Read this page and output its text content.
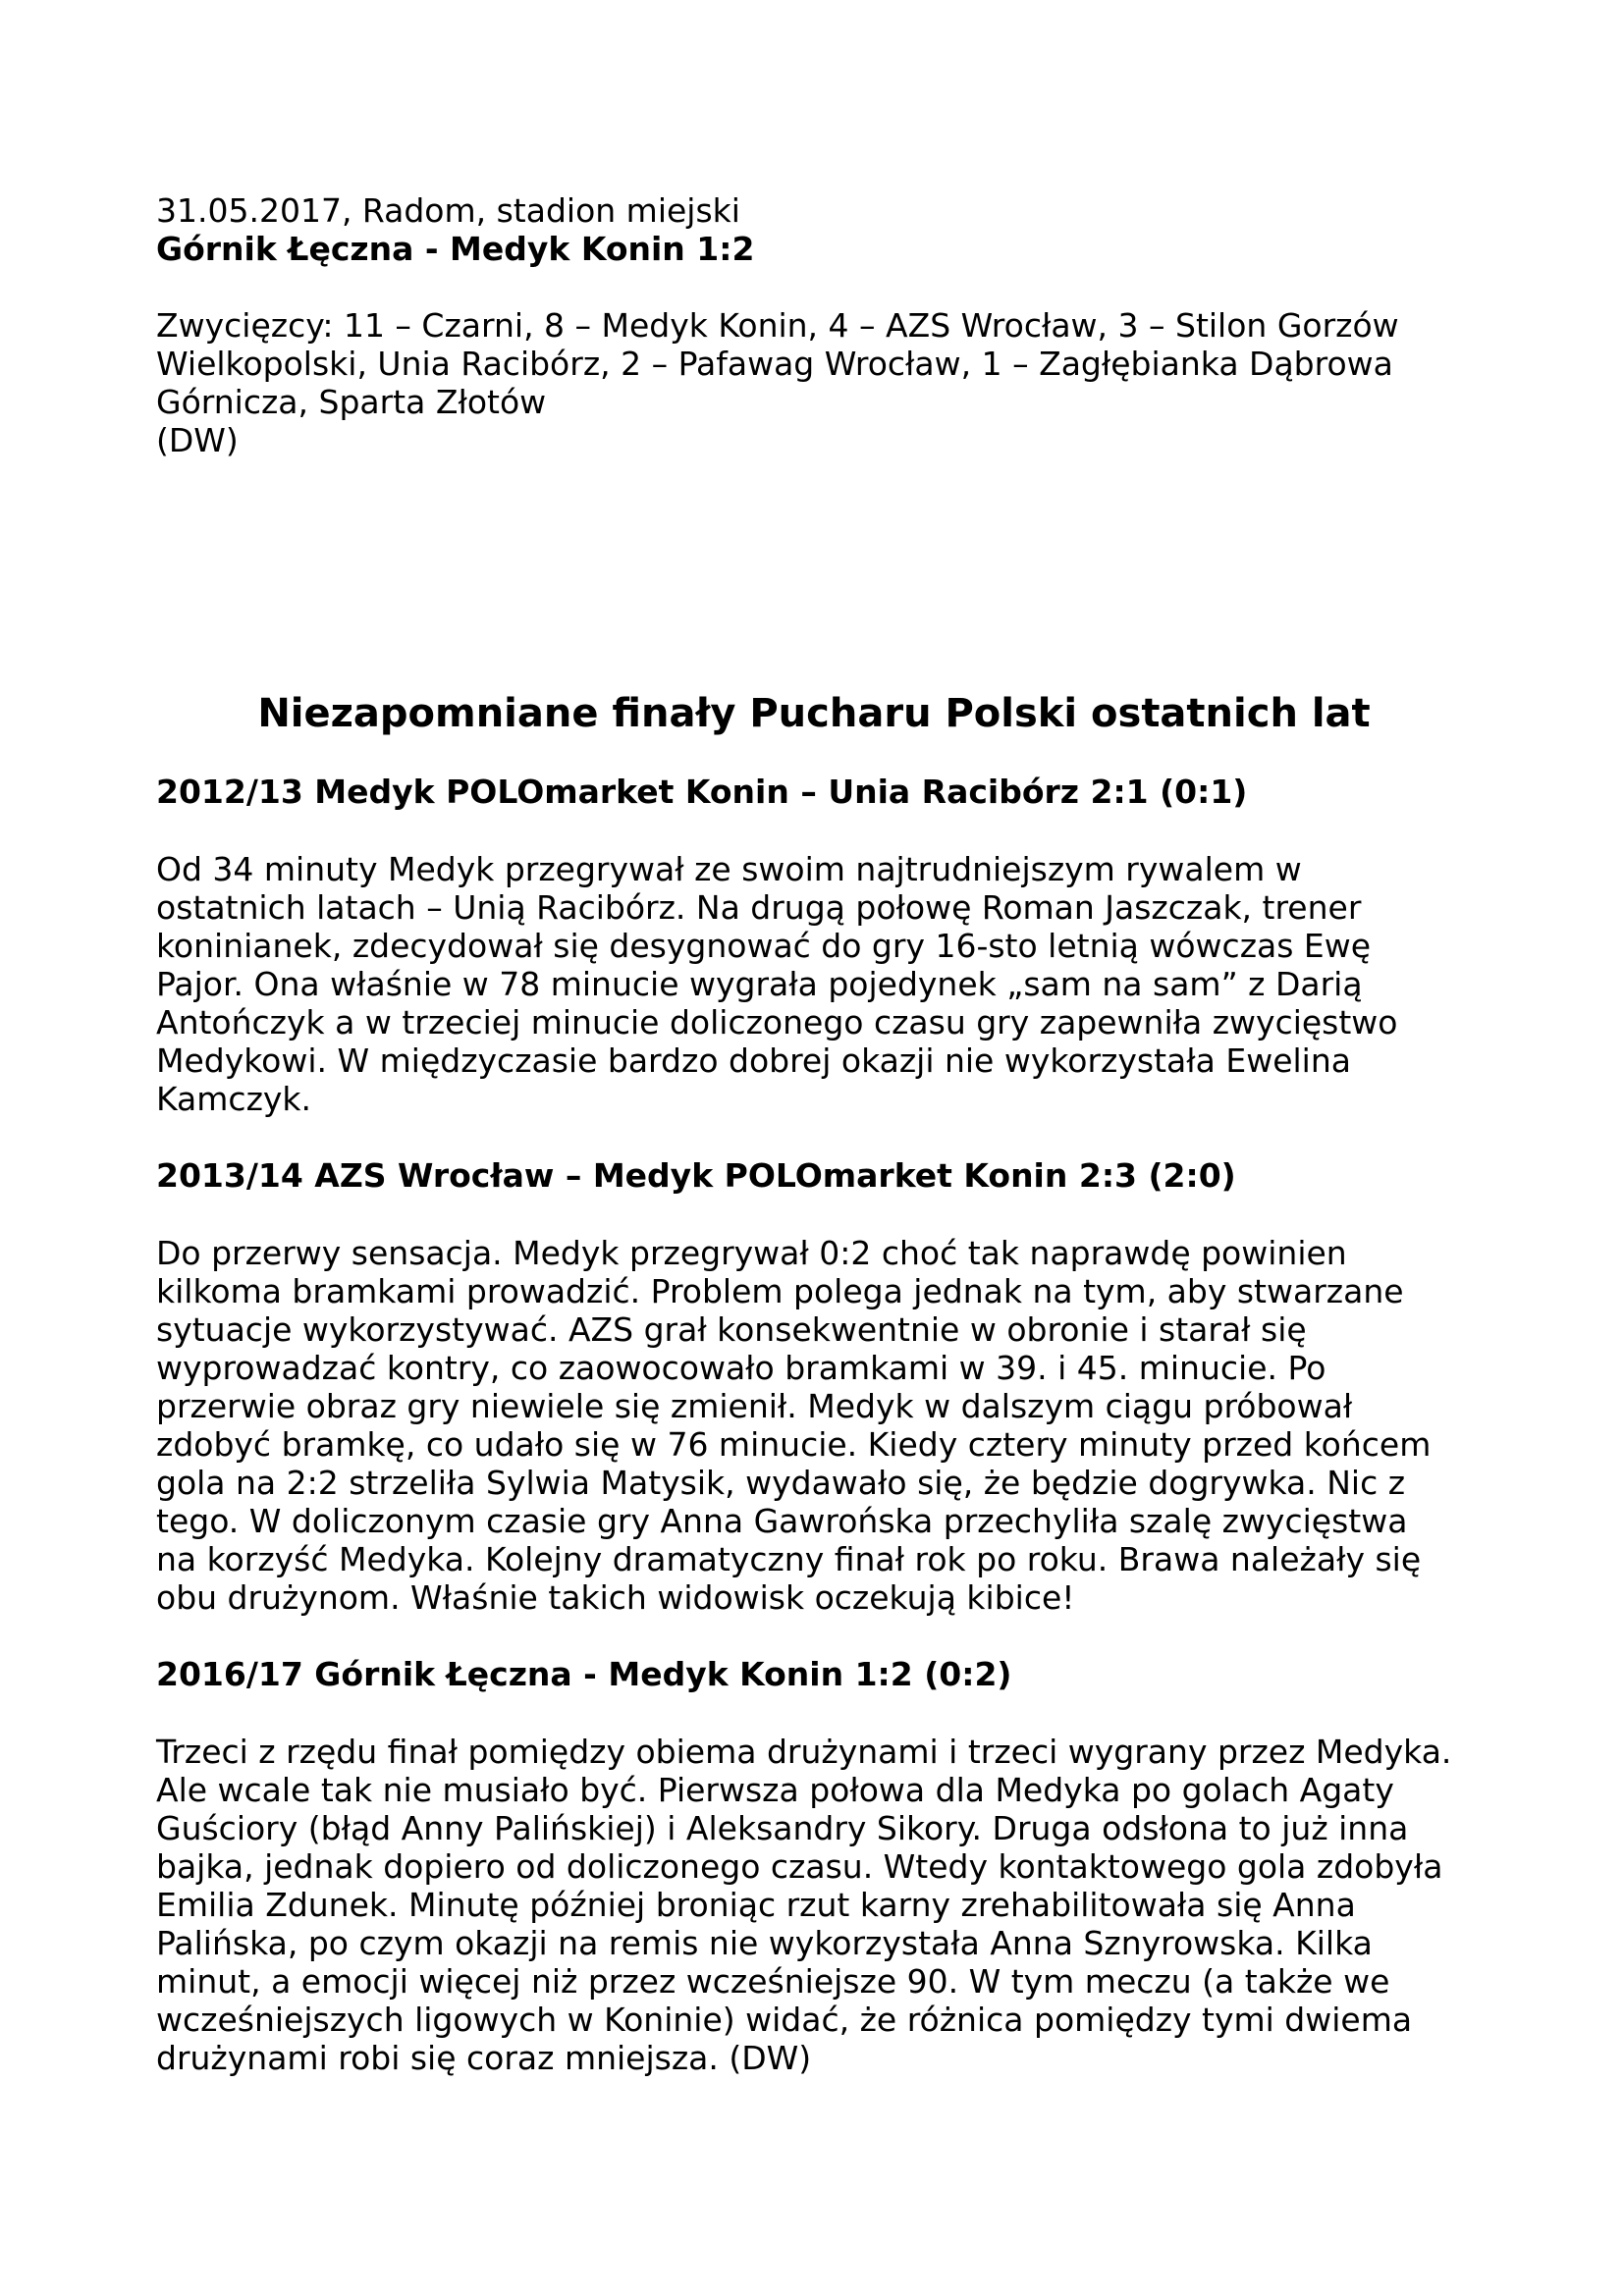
31.05.2017, Radom, stadion miejski

Górnik Łęczna - Medyk Konin 1:2

Zwycięzcy: 11 – Czarni, 8 – Medyk Konin, 4 – AZS Wrocław, 3 – Stilon Gorzów

Wielkopolski, Unia Racibórz, 2 – Pafawag Wrocław, 1 – Zagłębianka Dąbrowa

Górnicza, Sparta Złotów

(DW)

Niezapomniane finały Pucharu Polski ostatnich lat

2012/13 Medyk POLOmarket Konin – Unia Racibórz 2:1 (0:1)

Od 34 minuty Medyk przegrywał ze swoim najtrudniejszym rywalem w

ostatnich latach – Unią Racibórz. Na drugą połowę Roman Jaszczak, trener

koninianek, zdecydował się desygnować do gry 16-sto letnią wówczas Ewę

Pajor. Ona właśnie w 78 minucie wygrała pojedynek „sam na sam” z Darią

Antończyk a w trzeciej minucie doliczonego czasu gry zapewniła zwycięstwo

Medykowi. W międzyczasie bardzo dobrej okazji nie wykorzystała Ewelina

Kamczyk.

2013/14 AZS Wrocław – Medyk POLOmarket Konin 2:3 (2:0)

Do przerwy sensacja. Medyk przegrywał 0:2 choć tak naprawdę powinien

kilkoma bramkami prowadzić. Problem polega jednak na tym, aby stwarzane

sytuacje wykorzystywać. AZS grał konsekwentnie w obronie i starał się

wyprowadzać kontry, co zaowocowało bramkami w 39. i 45. minucie. Po

przerwie obraz gry niewiele się zmienił. Medyk w dalszym ciągu próbował

zdobyć bramkę, co udało się w 76 minucie. Kiedy cztery minuty przed końcem

gola na 2:2 strzeliła Sylwia Matysik, wydawało się, że będzie dogrywka. Nic z

tego. W doliczonym czasie gry Anna Gawrońska przechyliła szalę zwycięstwa

na korzyść Medyka. Kolejny dramatyczny finał rok po roku. Brawa należały się

obu drużynom. Właśnie takich widowisk oczekują kibice!

2016/17 Górnik Łęczna - Medyk Konin 1:2 (0:2)

Trzeci z rzędu finał pomiędzy obiema drużynami i trzeci wygrany przez Medyka.

Ale wcale tak nie musiało być. Pierwsza połowa dla Medyka po golach Agaty

Guściory (błąd Anny Palińskiej) i Aleksandry Sikory. Druga odsłona to już inna

bajka, jednak dopiero od doliczonego czasu. Wtedy kontaktowego gola zdobyła

Emilia Zdunek. Minutę później broniąc rzut karny zrehabilitowała się Anna

Palińska, po czym okazji na remis nie wykorzystała Anna Sznyrowska. Kilka

minut, a emocji więcej niż przez wcześniejsze 90. W tym meczu (a także we

wcześniejszych ligowych w Koninie) widać, że różnica pomiędzy tymi dwiema

drużynami robi się coraz mniejsza. (DW)
